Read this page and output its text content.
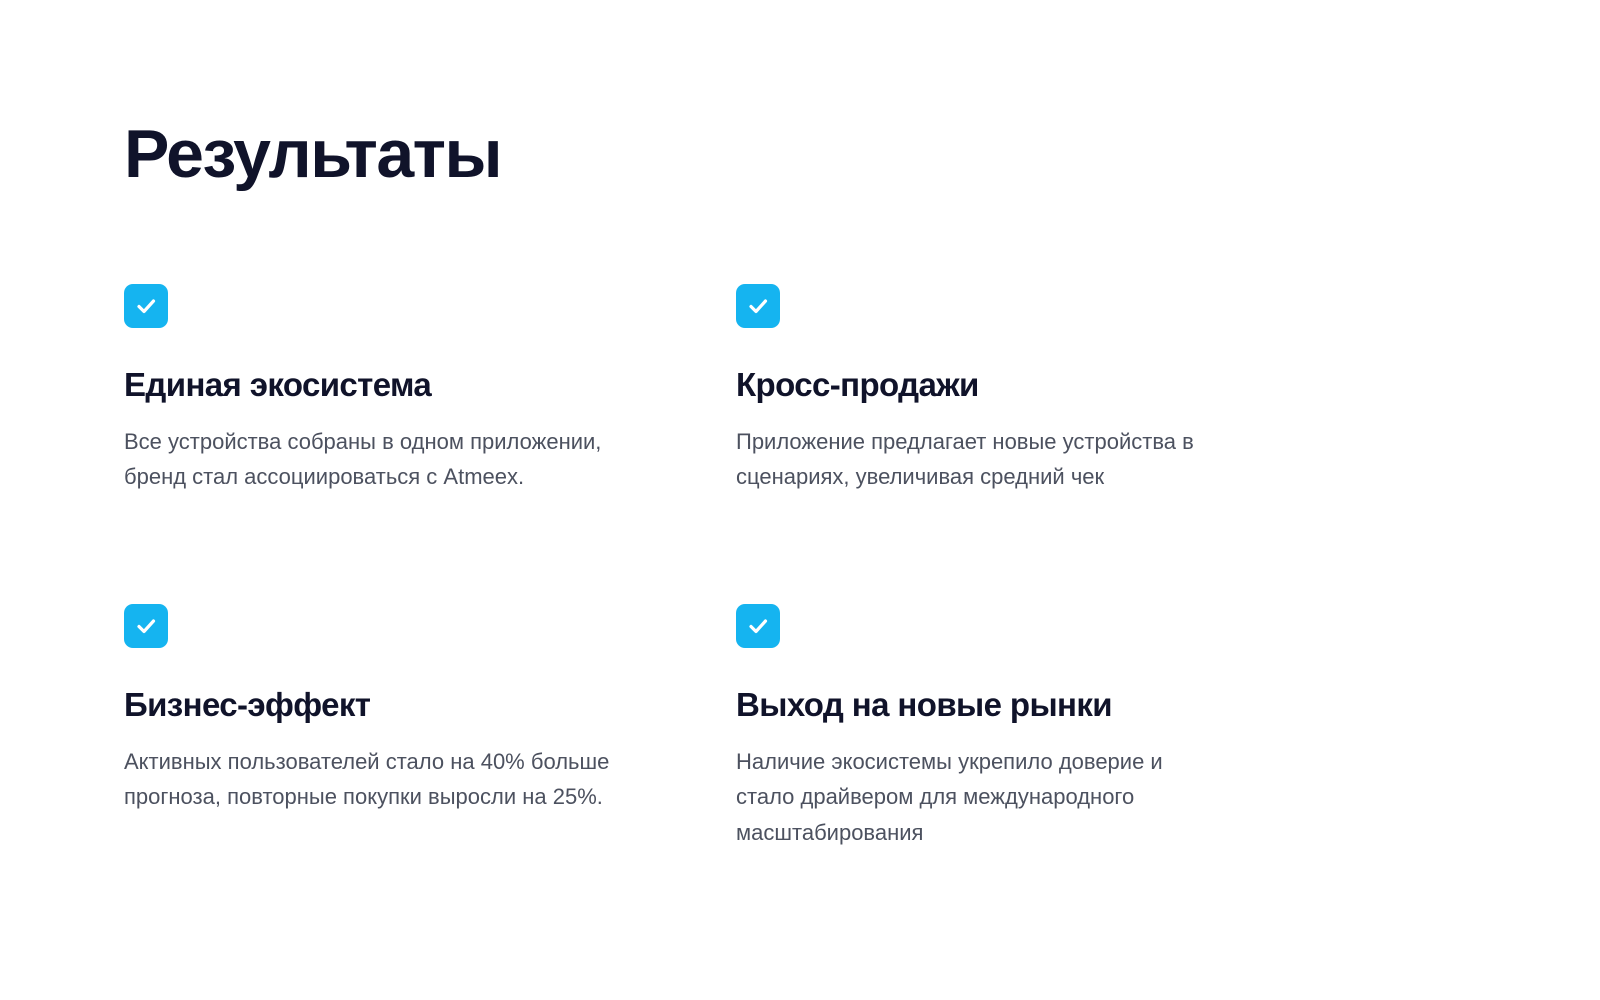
Результаты
Единая экосистема

Все устройства собраны в одном приложении, бренд стал ассоциироваться с Atmeex.

Кросс-продажи

Приложение предлагает новые устройства в сценариях, увеличивая средний чек

Бизнес-эффект

Активных пользователей стало на 40% больше прогноза, повторные покупки выросли на 25%.

Выход на новые рынки

Наличие экосистемы укрепило доверие и стало драйвером для международного масштабирования
